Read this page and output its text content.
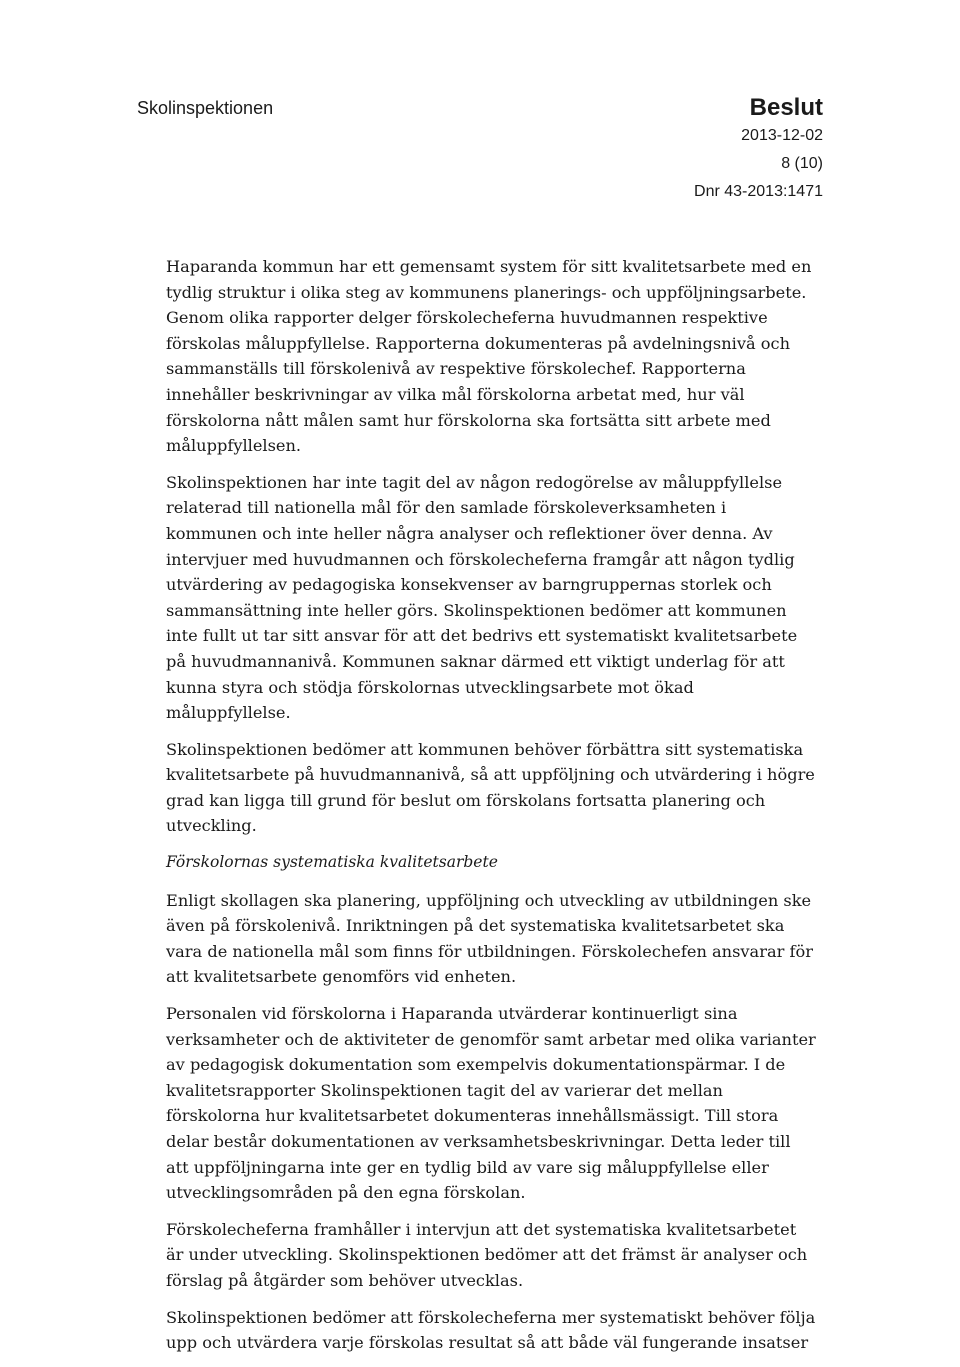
Skolinspektionen	Beslut
2013-12-02
8 (10)
Dnr 43-2013:1471

Haparanda kommun har ett gemensamt system för sitt kvalitetsarbete med en tydlig struktur i olika steg av kommunens planerings- och uppföljningsarbete. Genom olika rapporter delger förskolecheferna huvudmannen respektive förskolas måluppfyllelse. Rapporterna dokumenteras på avdelningsnivå och sammanställs till förskolenivå av respektive förskolechef. Rapporterna innehåller beskrivningar av vilka mål förskolorna arbetat med, hur väl förskolorna nått målen samt hur förskolorna ska fortsätta sitt arbete med måluppfyllelsen.

Skolinspektionen har inte tagit del av någon redogörelse av måluppfyllelse relaterad till nationella mål för den samlade förskoleverksamheten i kommunen och inte heller några analyser och reflektioner över denna. Av intervjuer med huvudmannen och förskolecheferna framgår att någon tydlig utvärdering av pedagogiska konsekvenser av barngruppernas storlek och sammansättning inte heller görs. Skolinspektionen bedömer att kommunen inte fullt ut tar sitt ansvar för att det bedrivs ett systematiskt kvalitetsarbete på huvudmannanivå. Kommunen saknar därmed ett viktigt underlag för att kunna styra och stödja förskolornas utvecklingsarbete mot ökad måluppfyllelse.

Skolinspektionen bedömer att kommunen behöver förbättra sitt systematiska kvalitetsarbete på huvudmannanivå, så att uppföljning och utvärdering i högre grad kan ligga till grund för beslut om förskolans fortsatta planering och utveckling.

Förskolornas systematiska kvalitetsarbete

Enligt skollagen ska planering, uppföljning och utveckling av utbildningen ske även på förskolenivå. Inriktningen på det systematiska kvalitetsarbetet ska vara de nationella mål som finns för utbildningen. Förskolechefen ansvarar för att kvalitetsarbete genomförs vid enheten.

Personalen vid förskolorna i Haparanda utvärderar kontinuerligt sina verksamheter och de aktiviteter de genomför samt arbetar med olika varianter av pedagogisk dokumentation som exempelvis dokumentationspärmar. I de kvalitetsrapporter Skolinspektionen tagit del av varierar det mellan förskolorna hur kvalitetsarbetet dokumenteras innehållsmässigt. Till stora delar består dokumentationen av verksamhetsbeskrivningar. Detta leder till att uppföljningarna inte ger en tydlig bild av vare sig måluppfyllelse eller utvecklingsområden på den egna förskolan.

Förskolecheferna framhåller i intervjun att det systematiska kvalitetsarbetet är under utveckling. Skolinspektionen bedömer att det främst är analyser och förslag på åtgärder som behöver utvecklas.

Skolinspektionen bedömer att förskolecheferna mer systematiskt behöver följa upp och utvärdera varje förskolas resultat så att både väl fungerande insatser
